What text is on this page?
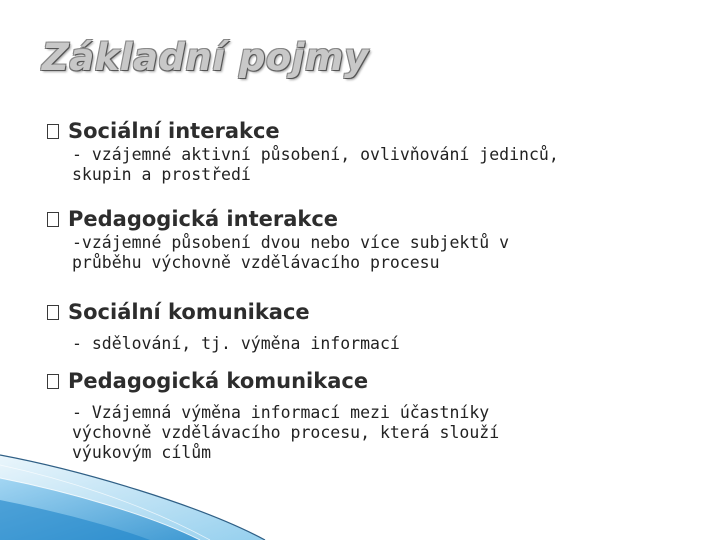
Základní pojmy
Sociální interakce
- vzájemné aktivní působení, ovlivňování jedinců,
skupin a prostředí
Pedagogická interakce
-vzájemné působení dvou nebo více subjektů v
průběhu výchovně vzdělávacího procesu
Sociální komunikace
- sdělování, tj. výměna informací
Pedagogická komunikace
- Vzájemná výměna informací mezi účastníky
výchovně vzdělávacího procesu, která slouží
výukovým cílům
